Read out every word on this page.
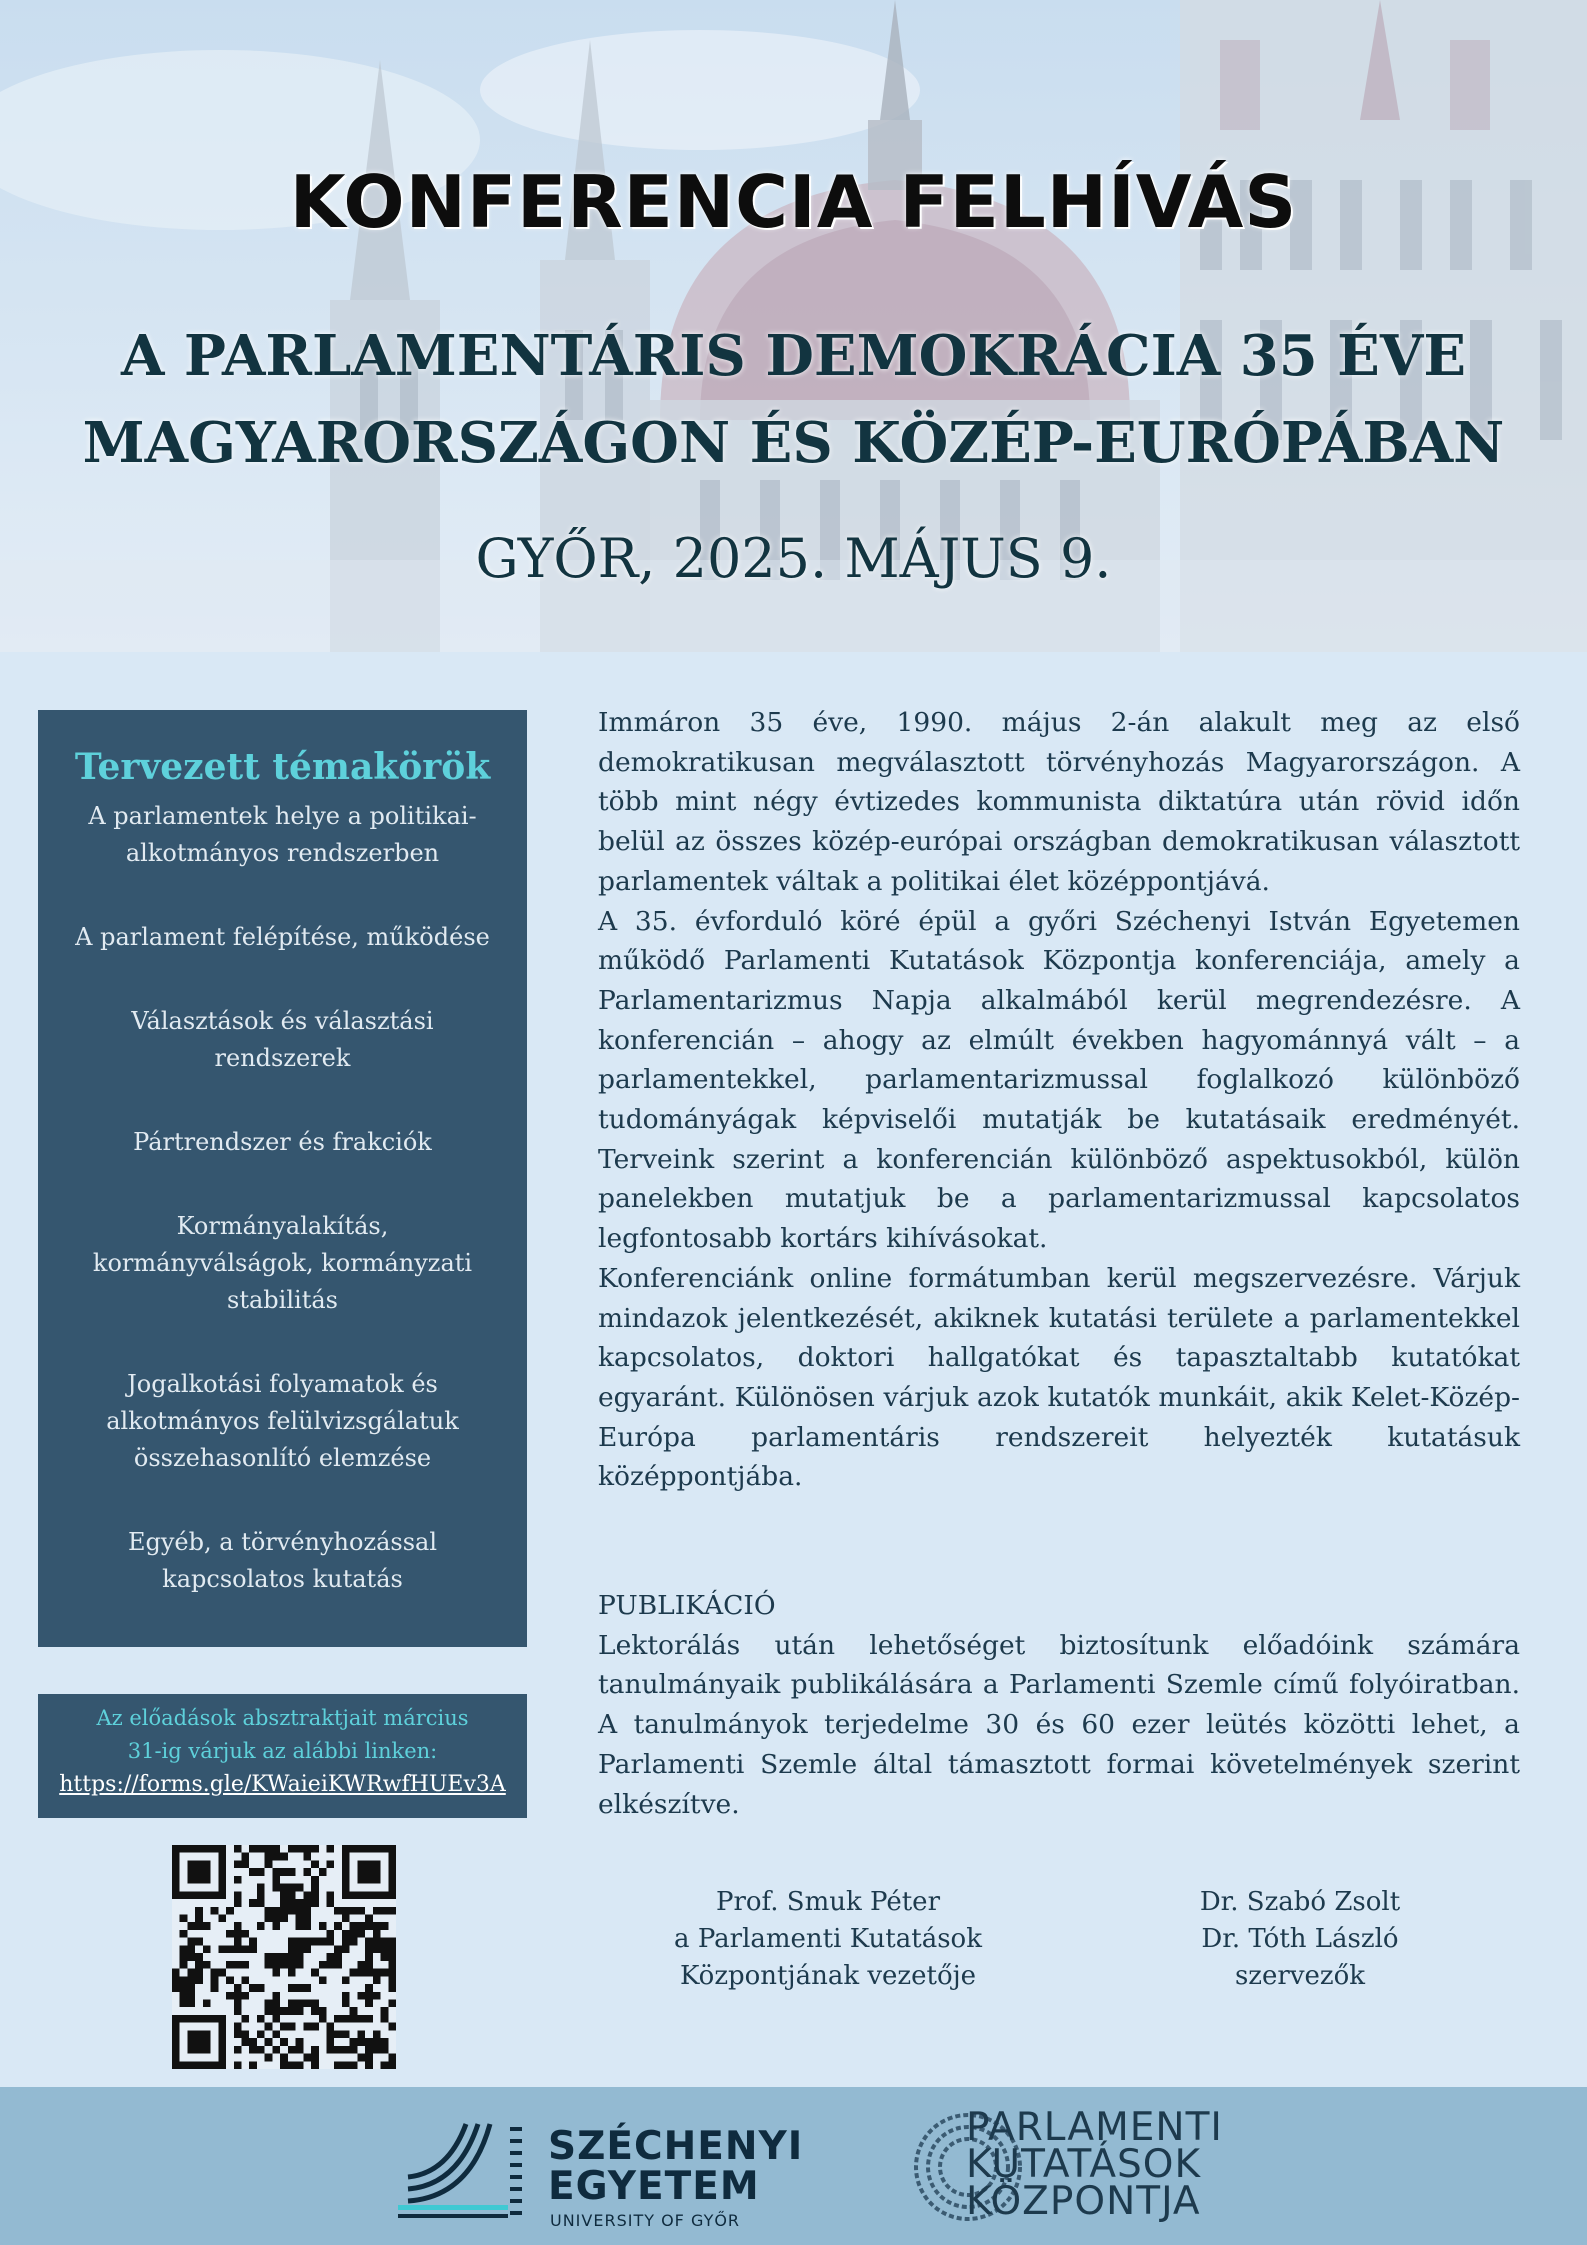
KONFERENCIA FELHÍVÁS
A PARLAMENTÁRIS DEMOKRÁCIA 35 ÉVE
MAGYARORSZÁGON ÉS KÖZÉP-EURÓPÁBAN
GYŐR, 2025. MÁJUS 9.
Tervezett témakörök
A parlamentek helye a politikai-alkotmányos rendszerben
A parlament felépítése, működése
Választások és választási rendszerek
Pártrendszer és frakciók
Kormányalakítás, kormányválságok, kormányzati stabilitás
Jogalkotási folyamatok és alkotmányos felülvizsgálatuk összehasonlító elemzése
Egyéb, a törvényhozással kapcsolatos kutatás
Az előadások absztraktjait március 31-ig várjuk az alábbi linken:
https://forms.gle/KWaieiKWRwfHUEv3A

Immáron 35 éve, 1990. május 2-án alakult meg az első demokratikusan megválasztott törvényhozás Magyarországon. A több mint négy évtizedes kommunista diktatúra után rövid időn belül az összes közép-európai országban demokratikusan választott parlamentek váltak a politikai élet középpontjává.

A 35. évforduló köré épül a győri Széchenyi István Egyetemen működő Parlamenti Kutatások Központja konferenciája, amely a Parlamentarizmus Napja alkalmából kerül megrendezésre. A konferencián – ahogy az elmúlt években hagyománnyá vált – a parlamentekkel, parlamentarizmussal foglalkozó különböző tudományágak képviselői mutatják be kutatásaik eredményét. Terveink szerint a konferencián különböző aspektusokból, külön panelekben mutatjuk be a parlamentarizmussal kapcsolatos legfontosabb kortárs kihívásokat.

Konferenciánk online formátumban kerül megszervezésre. Várjuk mindazok jelentkezését, akiknek kutatási területe a parlamentekkel kapcsolatos, doktori hallgatókat és tapasztaltabb kutatókat egyaránt. Különösen várjuk azok kutatók munkáit, akik Kelet-Közép-Európa parlamentáris rendszereit helyezték kutatásuk középpontjába.

PUBLIKÁCIÓ

Lektorálás után lehetőséget biztosítunk előadóink számára tanulmányaik publikálására a Parlamenti Szemle című folyóiratban. A tanulmányok terjedelme 30 és 60 ezer leütés közötti lehet, a Parlamenti Szemle által támasztott formai követelmények szerint elkészítve.

Prof. Smuk Péter
a Parlamenti Kutatások
Központjának vezetője
Dr. Szabó Zsolt
Dr. Tóth László
szervezők
SZÉCHENYI
EGYETEM
UNIVERSITY OF GYŐR
PARLAMENTI
KUTATÁSOK
KÖZPONTJA
